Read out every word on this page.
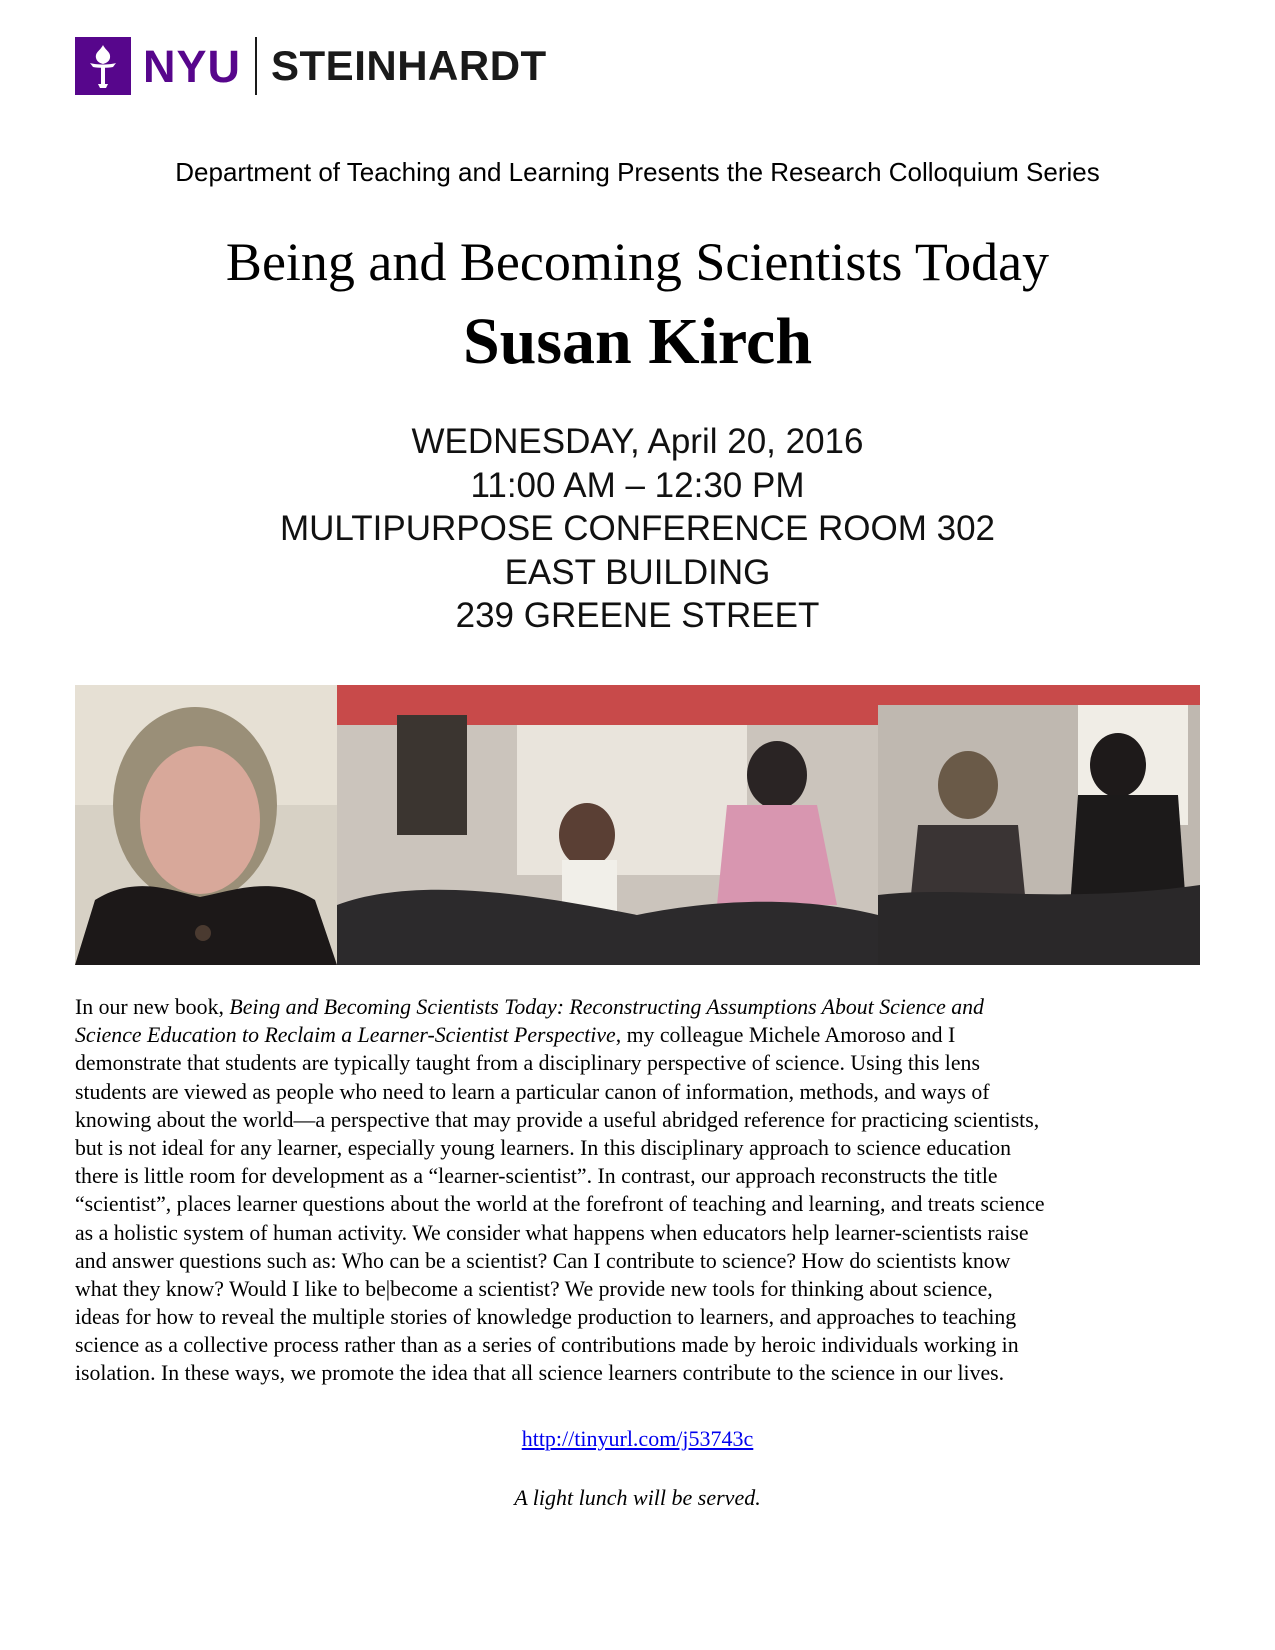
NYU STEINHARDT
Department of Teaching and Learning Presents the Research Colloquium Series
Being and Becoming Scientists Today
Susan Kirch
WEDNESDAY, April 20, 2016
11:00 AM – 12:30 PM
MULTIPURPOSE CONFERENCE ROOM 302
EAST BUILDING
239 GREENE STREET
In our new book, Being and Becoming Scientists Today: Reconstructing Assumptions About Science and
Science Education to Reclaim a Learner-Scientist Perspective, my colleague Michele Amoroso and I
demonstrate that students are typically taught from a disciplinary perspective of science. Using this lens
students are viewed as people who need to learn a particular canon of information, methods, and ways of
knowing about the world—a perspective that may provide a useful abridged reference for practicing scientists,
but is not ideal for any learner, especially young learners. In this disciplinary approach to science education
there is little room for development as a “learner-scientist”. In contrast, our approach reconstructs the title
“scientist”, places learner questions about the world at the forefront of teaching and learning, and treats science
as a holistic system of human activity. We consider what happens when educators help learner-scientists raise
and answer questions such as: Who can be a scientist? Can I contribute to science? How do scientists know
what they know? Would I like to be|become a scientist? We provide new tools for thinking about science,
ideas for how to reveal the multiple stories of knowledge production to learners, and approaches to teaching
science as a collective process rather than as a series of contributions made by heroic individuals working in
isolation. In these ways, we promote the idea that all science learners contribute to the science in our lives.
http://tinyurl.com/j53743c
A light lunch will be served.
